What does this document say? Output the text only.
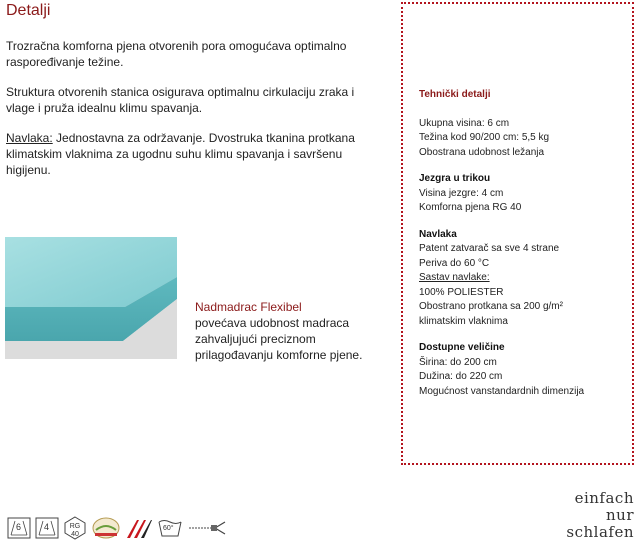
Detalji

Trozračna komforna pjena otvorenih pora omogućava optimalno raspoređivanje težine.

Struktura otvorenih stanica osigurava optimalnu cirkulaciju zraka i vlage i pruža idealnu klimu spavanja.

Navlaka: Jednostavna za održavanje. Dvostruka tkanina protkana klimatskim vlaknima za ugodnu suhu klimu spavanja i savršenu higijenu.

Nadmadrac Flexibel
povećava udobnost madraca zahvaljujući preciznom prilagođavanju komforne pjene.
Tehnički detalji
Ukupna visina: 6 cm
Težina kod 90/200 cm: 5,5 kg
Obostrana udobnost ležanja
Jezgra u trikou
Visina jezgre: 4 cm
Komforna pjena RG 40
Navlaka
Patent zatvarač sa sve 4 strane
Periva do 60 °C
Sastav navlake:
100% POLIESTER
Obostrano protkana sa 200 g/m²
klimatskim vlaknima
Dostupne veličine
Širina: do 200 cm
Dužina: do 220 cm
Mogućnost vanstandardnih dimenzija
6	4	RG 40
60°
einfach
nur
schlafen
